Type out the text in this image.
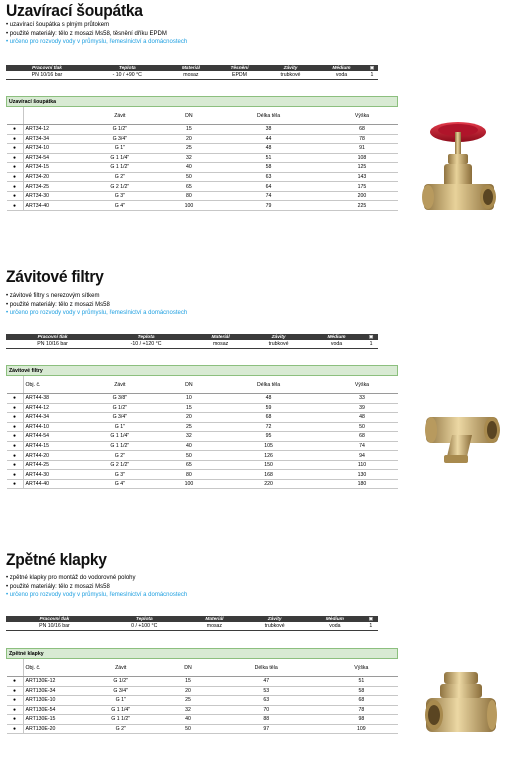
Uzavírací šoupátka
• uzavírací šoupátka s plným průtokem
• použité materiály: tělo z mosazi Ms58, těsnění dříku EPDM
• určeno pro rozvody vody v průmyslu, řemeslnictví a domácnostech
Pracovní tlak	Teplota	Materiál	Těsnění	Závity	Médium	▣
PN 10/16 bar	- 10 / +90 °C	mosaz	EPDM	trubkové	voda	1
Uzavírací šoupátka					
		Závit	DN	Délka těla	Výška
●	ART34-12	G 1/2"	15	38	68
●	ART34-34	G 3/4"	20	44	78
●	ART34-10	G 1"	25	48	91
●	ART34-54	G 1 1/4"	32	51	108
●	ART34-15	G 1 1/2"	40	58	125
●	ART34-20	G 2"	50	63	143
●	ART34-25	G 2 1/2"	65	64	175
●	ART34-30	G 3"	80	74	200
●	ART34-40	G 4"	100	79	225
Závitové filtry
• závitové filtry s nerezovým sítkem
• použité materiály: tělo z mosazi Ms58
• určeno pro rozvody vody v průmyslu, řemeslnictví a domácnostech
Pracovní tlak	Teplota	Materiál	Závity	Médium	▣
PN 10/16 bar	-10 / +120 °C	mosaz	trubkové	voda	1
Závitové filtry					
	Obj. č.	Závit	DN	Délka těla	Výška
●	ART44-38	G 3/8"	10	48	33
●	ART44-12	G 1/2"	15	59	39
●	ART44-34	G 3/4"	20	68	48
●	ART44-10	G 1"	25	72	50
●	ART44-54	G 1 1/4"	32	95	68
●	ART44-15	G 1 1/2"	40	105	74
●	ART44-20	G 2"	50	126	94
●	ART44-25	G 2 1/2"	65	150	110
●	ART44-30	G 3"	80	168	130
●	ART44-40	G 4"	100	220	180
Zpětné klapky
• zpětné klapky pro montáž do vodorovné polohy
• použité materiály: tělo z mosazi Ms58
• určeno pro rozvody vody v průmyslu, řemeslnictví a domácnostech
Pracovní tlak	Teplota	Materiál	Závity	Médium	▣
PN 10/16 bar	0 / +100 °C	mosaz	trubkové	voda	1
Zpětné klapky					
	Obj. č.	Závit	DN	Délka těla	Výška
●	ART130E-12	G 1/2"	15	47	51
●	ART130E-34	G 3/4"	20	53	58
●	ART130E-10	G 1"	25	63	68
●	ART130E-54	G 1 1/4"	32	70	78
●	ART130E-15	G 1 1/2"	40	88	98
●	ART130E-20	G 2"	50	97	109
